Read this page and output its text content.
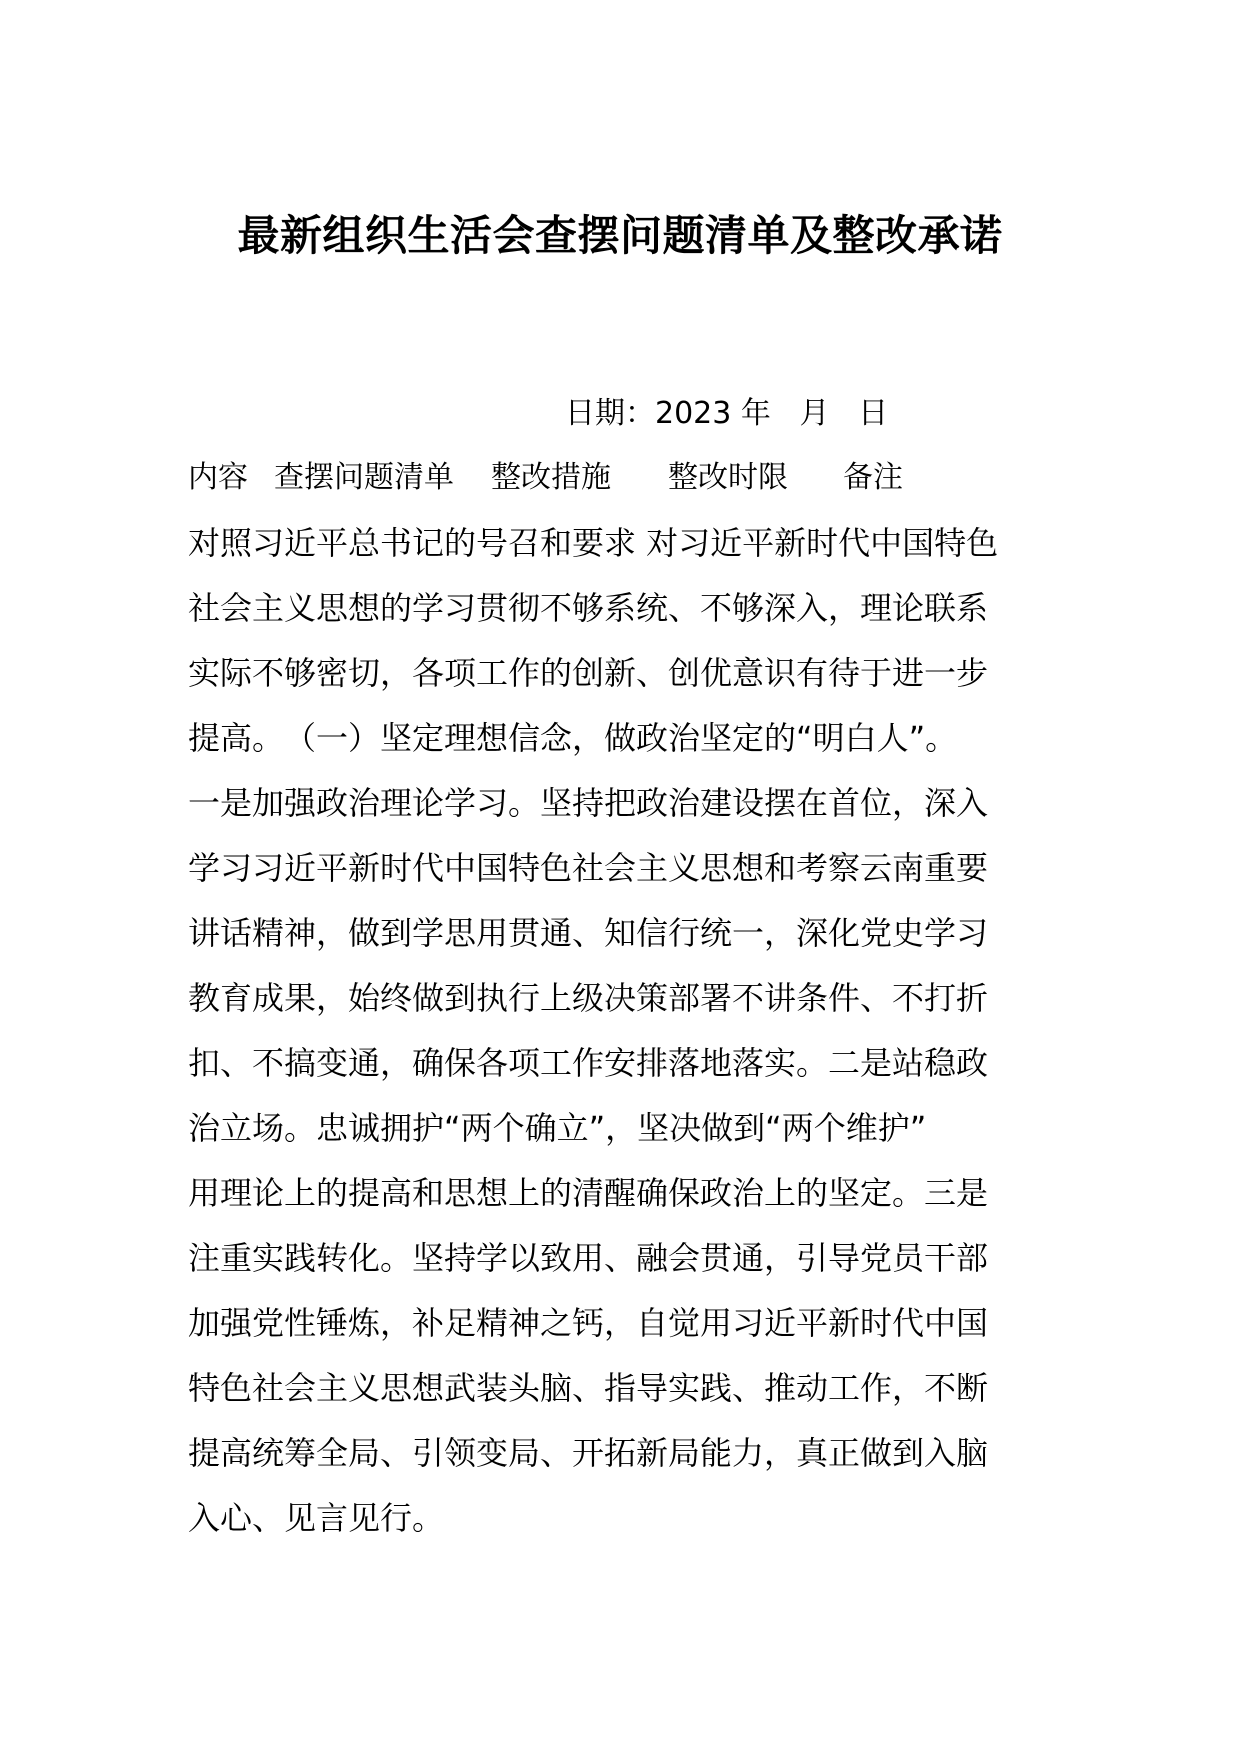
最新组织生活会查摆问题清单及整改承诺
日期：2023 年 月 日
内容 查摆问题清单 整改措施 整改时限 备注
对照习近平总书记的号召和要求 对习近平新时代中国特色
社会主义思想的学习贯彻不够系统、不够深入，理论联系
实际不够密切，各项工作的创新、创优意识有待于进一步
提高。　（一）坚定理想信念，做政治坚定的“明白人”。
一是加强政治理论学习。坚持把政治建设摆在首位，深入
学习习近平新时代中国特色社会主义思想和考察云南重要
讲话精神，做到学思用贯通、知信行统一，深化党史学习
教育成果，始终做到执行上级决策部署不讲条件、不打折
扣、不搞变通，确保各项工作安排落地落实。二是站稳政
治立场。忠诚拥护“两个确立”，坚决做到“两个维护”
用理论上的提高和思想上的清醒确保政治上的坚定。三是
注重实践转化。坚持学以致用、融会贯通，引导党员干部
加强党性锤炼，补足精神之钙，自觉用习近平新时代中国
特色社会主义思想武装头脑、指导实践、推动工作，不断
提高统筹全局、引领变局、开拓新局能力，真正做到入脑
入心、见言见行。
